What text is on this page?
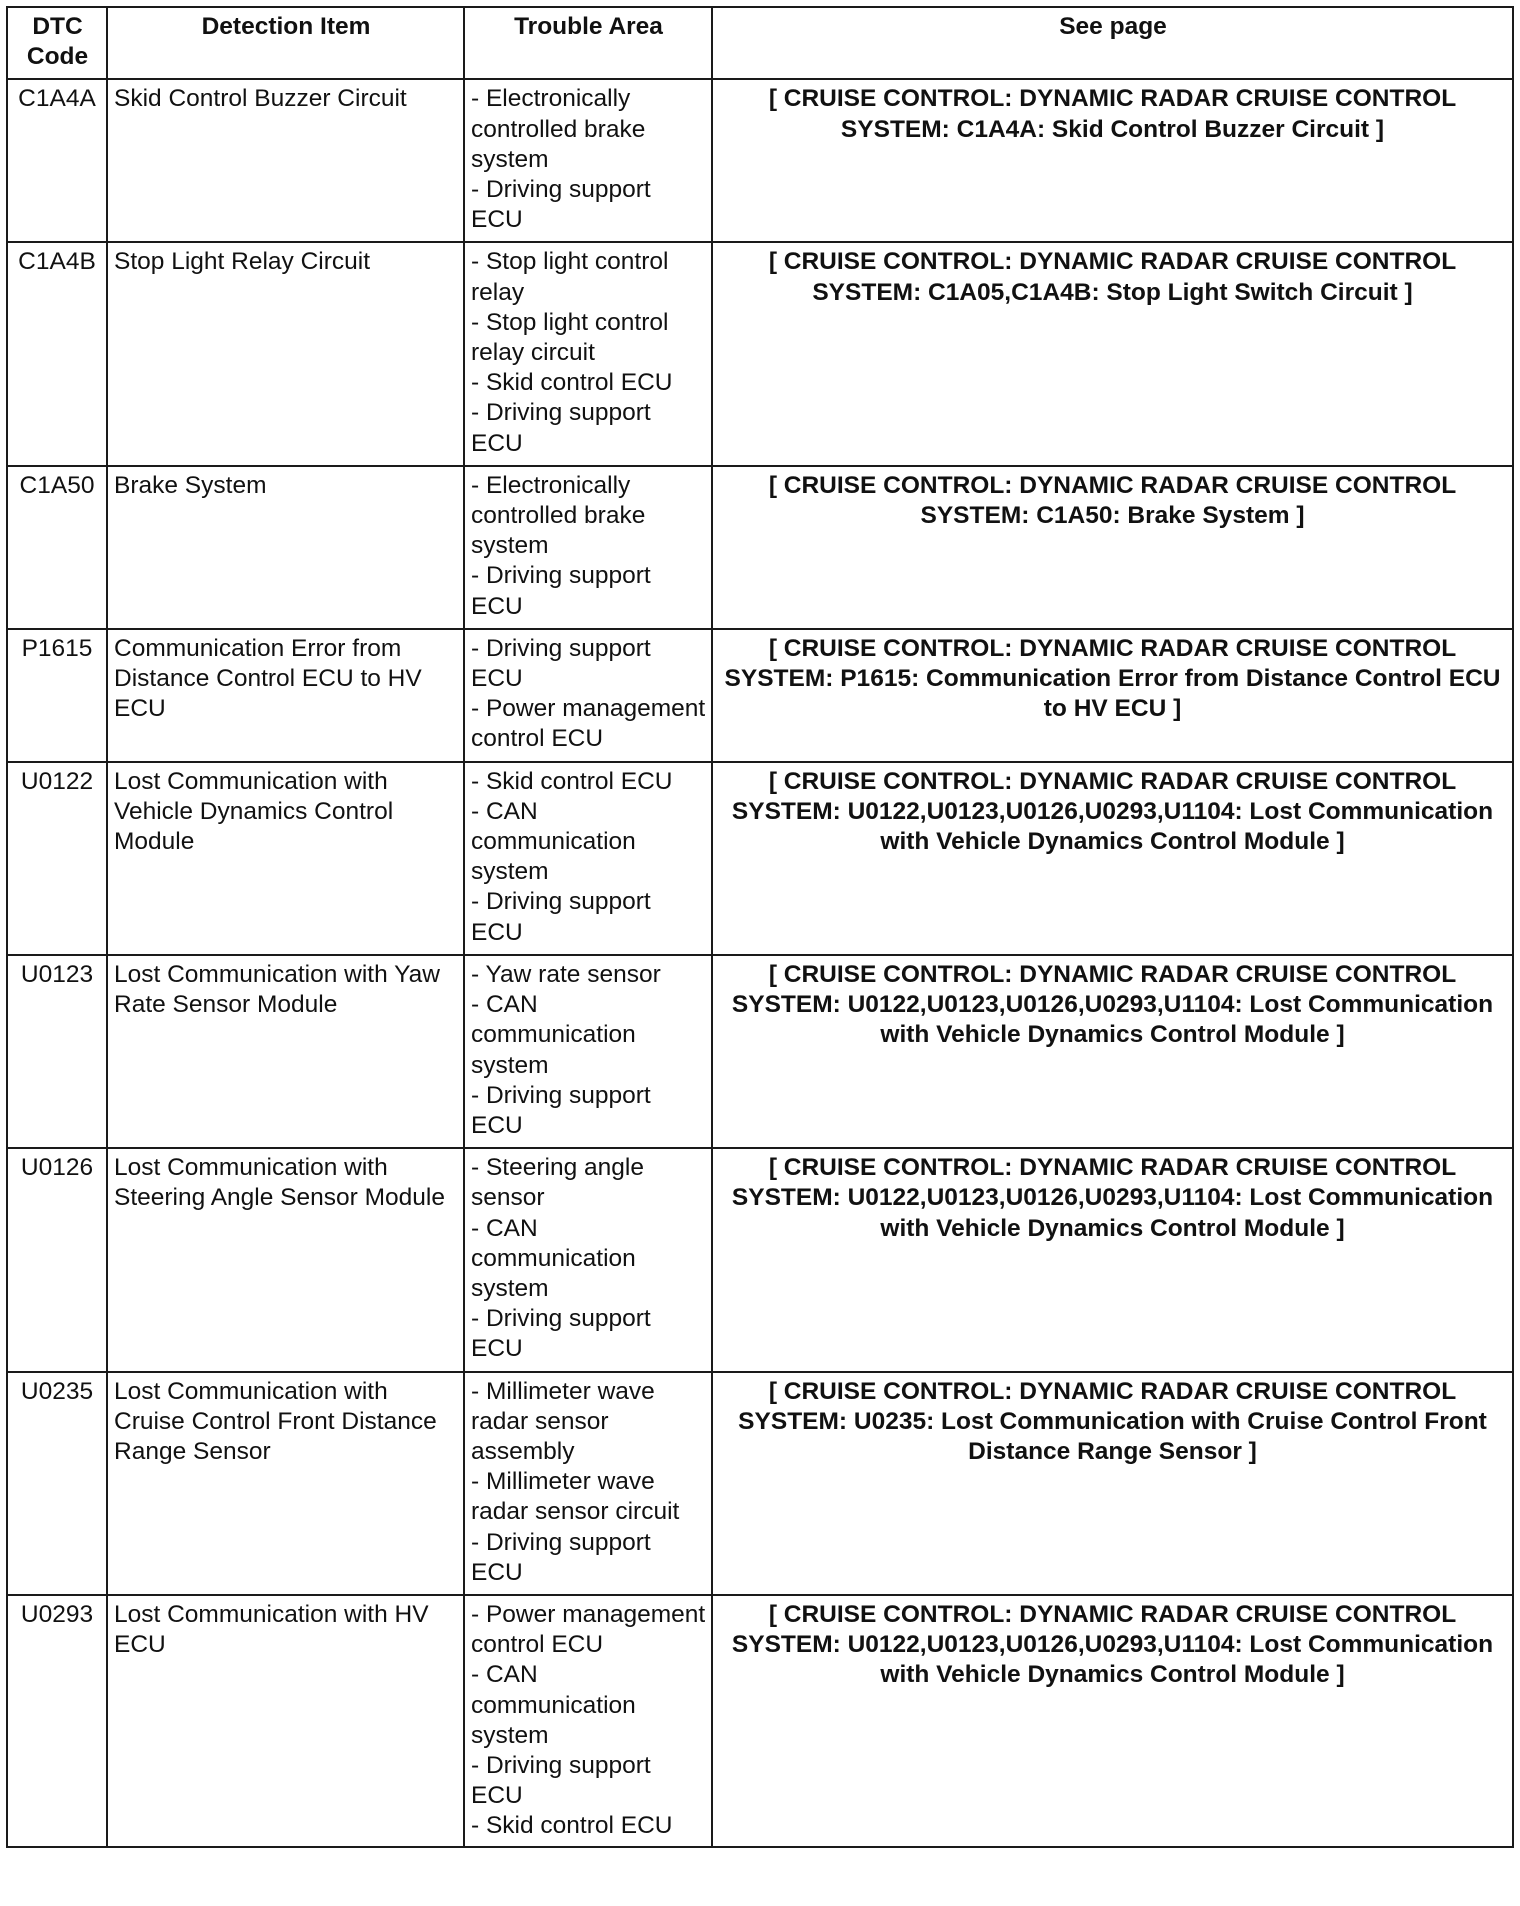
DTC
Code	Detection Item	Trouble Area	See page
C1A4A	Skid Control Buzzer Circuit	- Electronically controlled brake system
- Driving support ECU	[ CRUISE CONTROL: DYNAMIC RADAR CRUISE CONTROL SYSTEM: C1A4A: Skid Control Buzzer Circuit ]
C1A4B	Stop Light Relay Circuit	- Stop light control relay
- Stop light control relay circuit
- Skid control ECU
- Driving support ECU	[ CRUISE CONTROL: DYNAMIC RADAR CRUISE CONTROL SYSTEM: C1A05,C1A4B: Stop Light Switch Circuit ]
C1A50	Brake System	- Electronically controlled brake system
- Driving support ECU	[ CRUISE CONTROL: DYNAMIC RADAR CRUISE CONTROL SYSTEM: C1A50: Brake System ]
P1615	Communication Error from Distance Control ECU to HV ECU	- Driving support ECU
- Power management control ECU	[ CRUISE CONTROL: DYNAMIC RADAR CRUISE CONTROL SYSTEM: P1615: Communication Error from Distance Control ECU to HV ECU ]
U0122	Lost Communication with Vehicle Dynamics Control Module	- Skid control ECU
- CAN communication system
- Driving support ECU	[ CRUISE CONTROL: DYNAMIC RADAR CRUISE CONTROL SYSTEM: U0122,U0123,U0126,U0293,U1104: Lost Communication with Vehicle Dynamics Control Module ]
U0123	Lost Communication with Yaw Rate Sensor Module	- Yaw rate sensor
- CAN communication system
- Driving support ECU	[ CRUISE CONTROL: DYNAMIC RADAR CRUISE CONTROL SYSTEM: U0122,U0123,U0126,U0293,U1104: Lost Communication with Vehicle Dynamics Control Module ]
U0126	Lost Communication with Steering Angle Sensor Module	- Steering angle sensor
- CAN communication system
- Driving support ECU	[ CRUISE CONTROL: DYNAMIC RADAR CRUISE CONTROL SYSTEM: U0122,U0123,U0126,U0293,U1104: Lost Communication with Vehicle Dynamics Control Module ]
U0235	Lost Communication with Cruise Control Front Distance Range Sensor	- Millimeter wave radar sensor assembly
- Millimeter wave radar sensor circuit
- Driving support ECU	[ CRUISE CONTROL: DYNAMIC RADAR CRUISE CONTROL SYSTEM: U0235: Lost Communication with Cruise Control Front Distance Range Sensor ]
U0293	Lost Communication with HV ECU	- Power management control ECU
- CAN communication system
- Driving support ECU
- Skid control ECU	[ CRUISE CONTROL: DYNAMIC RADAR CRUISE CONTROL SYSTEM: U0122,U0123,U0126,U0293,U1104: Lost Communication with Vehicle Dynamics Control Module ]
